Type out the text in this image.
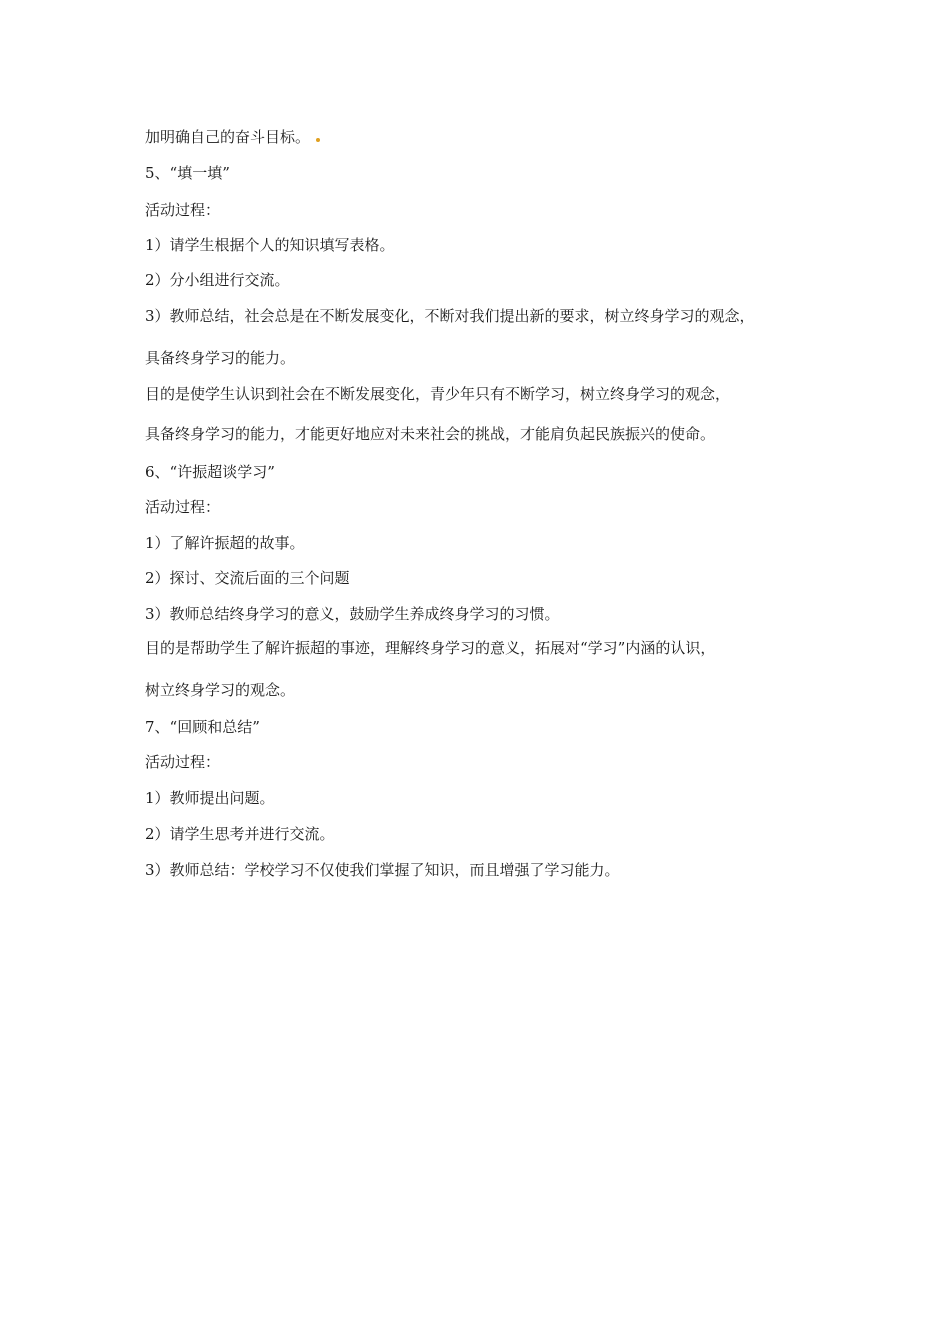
加明确自己的奋斗目标。

5、“填一填”

活动过程：

1）请学生根据个人的知识填写表格。

2）分小组进行交流。

3）教师总结，社会总是在不断发展变化，不断对我们提出新的要求，树立终身学习的观念，

具备终身学习的能力。

目的是使学生认识到社会在不断发展变化，青少年只有不断学习，树立终身学习的观念，

具备终身学习的能力，才能更好地应对未来社会的挑战，才能肩负起民族振兴的使命。

6、“许振超谈学习”

活动过程：

1）了解许振超的故事。

2）探讨、交流后面的三个问题

3）教师总结终身学习的意义，鼓励学生养成终身学习的习惯。

目的是帮助学生了解许振超的事迹，理解终身学习的意义，拓展对“学习”内涵的认识，

树立终身学习的观念。

7、“回顾和总结”

活动过程：

1）教师提出问题。

2）请学生思考并进行交流。

3）教师总结：学校学习不仅使我们掌握了知识，而且增强了学习能力。
